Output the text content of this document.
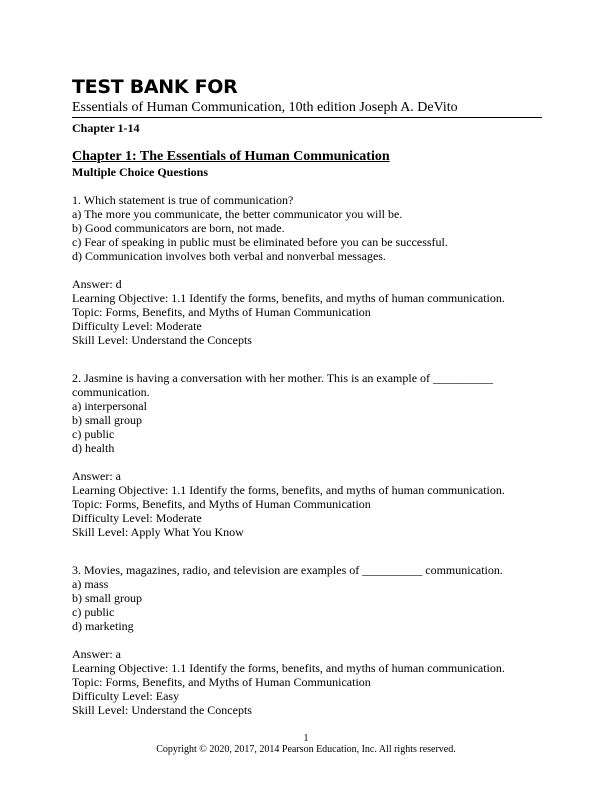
TEST BANK FOR
Essentials of Human Communication, 10th edition Joseph A. DeVito
Chapter 1-14
Chapter 1: The Essentials of Human Communication
Multiple Choice Questions

1. Which statement is true of communication?

a) The more you communicate, the better communicator you will be.

b) Good communicators are born, not made.

c) Fear of speaking in public must be eliminated before you can be successful.

d) Communication involves both verbal and nonverbal messages.

Answer: d

Learning Objective: 1.1 Identify the forms, benefits, and myths of human communication.

Topic: Forms, Benefits, and Myths of Human Communication

Difficulty Level: Moderate

Skill Level: Understand the Concepts

2. Jasmine is having a conversation with her mother. This is an example of __________

communication.

a) interpersonal

b) small group

c) public

d) health

Answer: a

Learning Objective: 1.1 Identify the forms, benefits, and myths of human communication.

Topic: Forms, Benefits, and Myths of Human Communication

Difficulty Level: Moderate

Skill Level: Apply What You Know

3. Movies, magazines, radio, and television are examples of __________ communication.

a) mass

b) small group

c) public

d) marketing

Answer: a

Learning Objective: 1.1 Identify the forms, benefits, and myths of human communication.

Topic: Forms, Benefits, and Myths of Human Communication

Difficulty Level: Easy

Skill Level: Understand the Concepts

1
Copyright © 2020, 2017, 2014 Pearson Education, Inc. All rights reserved.
